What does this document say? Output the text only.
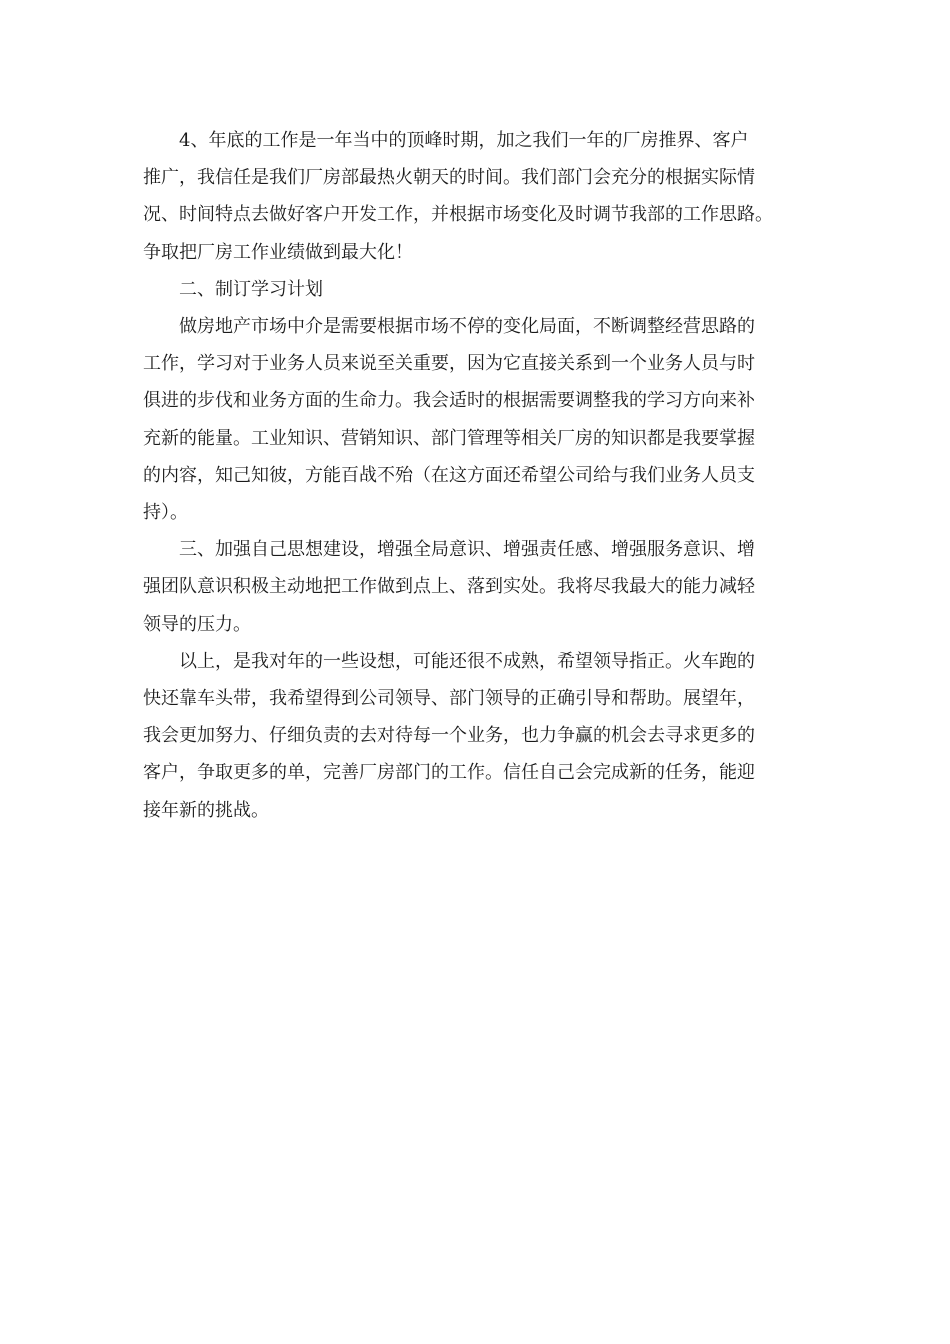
4、年底的工作是一年当中的顶峰时期，加之我们一年的厂房推界、客户
推广，我信任是我们厂房部最热火朝天的时间。我们部门会充分的根据实际情
况、时间特点去做好客户开发工作，并根据市场变化及时调节我部的工作思路。
争取把厂房工作业绩做到最大化！

二、制订学习计划

做房地产市场中介是需要根据市场不停的变化局面，不断调整经营思路的
工作，学习对于业务人员来说至关重要，因为它直接关系到一个业务人员与时
俱进的步伐和业务方面的生命力。我会适时的根据需要调整我的学习方向来补
充新的能量。工业知识、营销知识、部门管理等相关厂房的知识都是我要掌握
的内容，知己知彼，方能百战不殆（在这方面还希望公司给与我们业务人员支
持）。

三、加强自己思想建设，增强全局意识、增强责任感、增强服务意识、增
强团队意识积极主动地把工作做到点上、落到实处。我将尽我最大的能力减轻
领导的压力。

以上，是我对年的一些设想，可能还很不成熟，希望领导指正。火车跑的
快还靠车头带，我希望得到公司领导、部门领导的正确引导和帮助。展望年，
我会更加努力、仔细负责的去对待每一个业务，也力争赢的机会去寻求更多的
客户，争取更多的单，完善厂房部门的工作。信任自己会完成新的任务，能迎
接年新的挑战。
